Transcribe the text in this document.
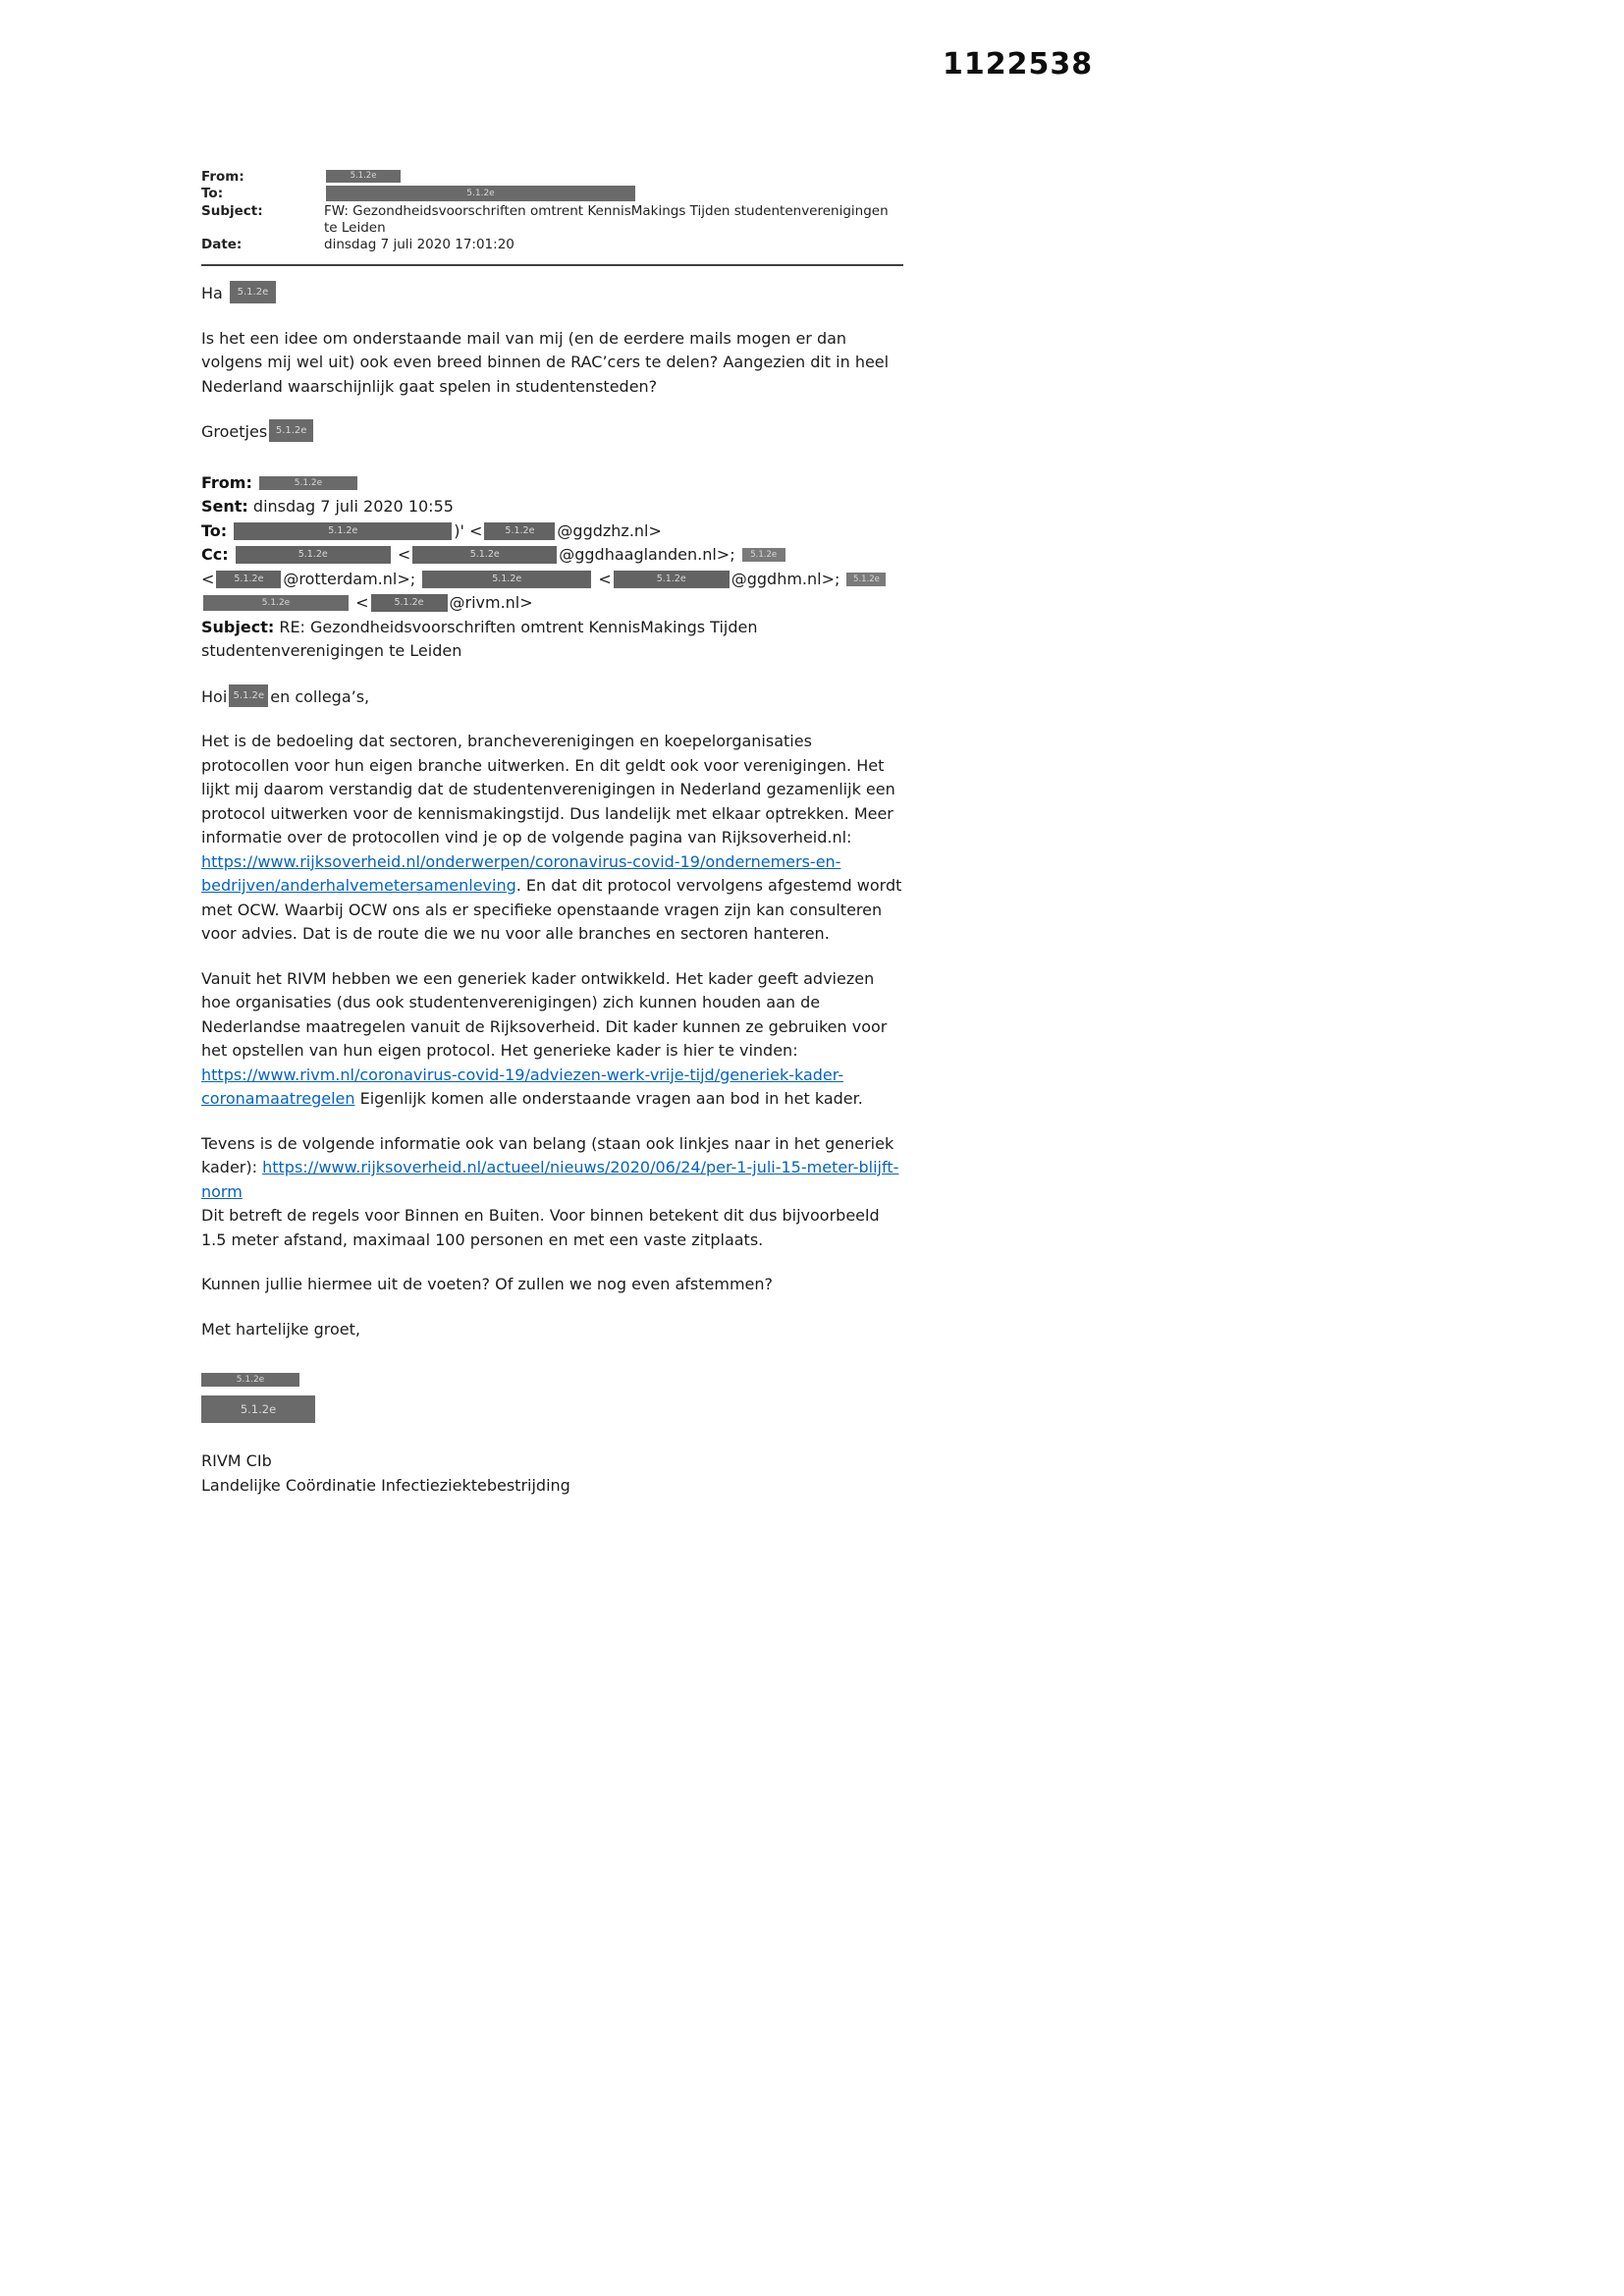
1122538
From:	5.1.2e
To:	5.1.2e
Subject:	FW: Gezondheidsvoorschriften omtrent KennisMakings Tijden studentenverenigingen te Leiden
Date:	dinsdag 7 juli 2020 17:01:20

Ha 5.1.2e

Is het een idee om onderstaande mail van mij (en de eerdere mails mogen er dan volgens mij wel uit) ook even breed binnen de RAC’cers te delen? Aangezien dit in heel Nederland waarschijnlijk gaat spelen in studentensteden?

Groetjes 5.1.2e

From:	5.1.2e
Sent: dinsdag 7 juli 2020 10:55
To:	5.1.2e	)' < 5.1.2e @ggdzhz.nl>
Cc:	5.1.2e	<	5.1.2e	@ggdhaaglanden.nl>; 5.1.2e
< 5.1.2e @rotterdam.nl>;	5.1.2e	<	5.1.2e	@ggdhm.nl>; 5.1.2e
5.1.2e	<	5.1.2e @rivm.nl>
Subject: RE: Gezondheidsvoorschriften omtrent KennisMakings Tijden studentenverenigingen te Leiden

Hoi 5.1.2e en collega’s,

Het is de bedoeling dat sectoren, brancheverenigingen en koepelorganisaties protocollen voor hun eigen branche uitwerken. En dit geldt ook voor verenigingen. Het lijkt mij daarom verstandig dat de studentenverenigingen in Nederland gezamenlijk een protocol uitwerken voor de kennismakingstijd. Dus landelijk met elkaar optrekken. Meer informatie over de protocollen vind je op de volgende pagina van Rijksoverheid.nl: https://www.rijksoverheid.nl/onderwerpen/coronavirus-covid-19/ondernemers-en-bedrijven/anderhalvemetersamenleving. En dat dit protocol vervolgens afgestemd wordt met OCW. Waarbij OCW ons als er specifieke openstaande vragen zijn kan consulteren voor advies. Dat is de route die we nu voor alle branches en sectoren hanteren.

Vanuit het RIVM hebben we een generiek kader ontwikkeld. Het kader geeft adviezen hoe organisaties (dus ook studentenverenigingen) zich kunnen houden aan de Nederlandse maatregelen vanuit de Rijksoverheid. Dit kader kunnen ze gebruiken voor het opstellen van hun eigen protocol. Het generieke kader is hier te vinden: https://www.rivm.nl/coronavirus-covid-19/adviezen-werk-vrije-tijd/generiek-kader-coronamaatregelen Eigenlijk komen alle onderstaande vragen aan bod in het kader.

Tevens is de volgende informatie ook van belang (staan ook linkjes naar in het generiek kader): https://www.rijksoverheid.nl/actueel/nieuws/2020/06/24/per-1-juli-15-meter-blijft-norm
Dit betreft de regels voor Binnen en Buiten. Voor binnen betekent dit dus bijvoorbeeld 1.5 meter afstand, maximaal 100 personen en met een vaste zitplaats.

Kunnen jullie hiermee uit de voeten? Of zullen we nog even afstemmen?

Met hartelijke groet,

5.1.2e
5.1.2e

RIVM CIb

Landelijke Coördinatie Infectieziektebestrijding
